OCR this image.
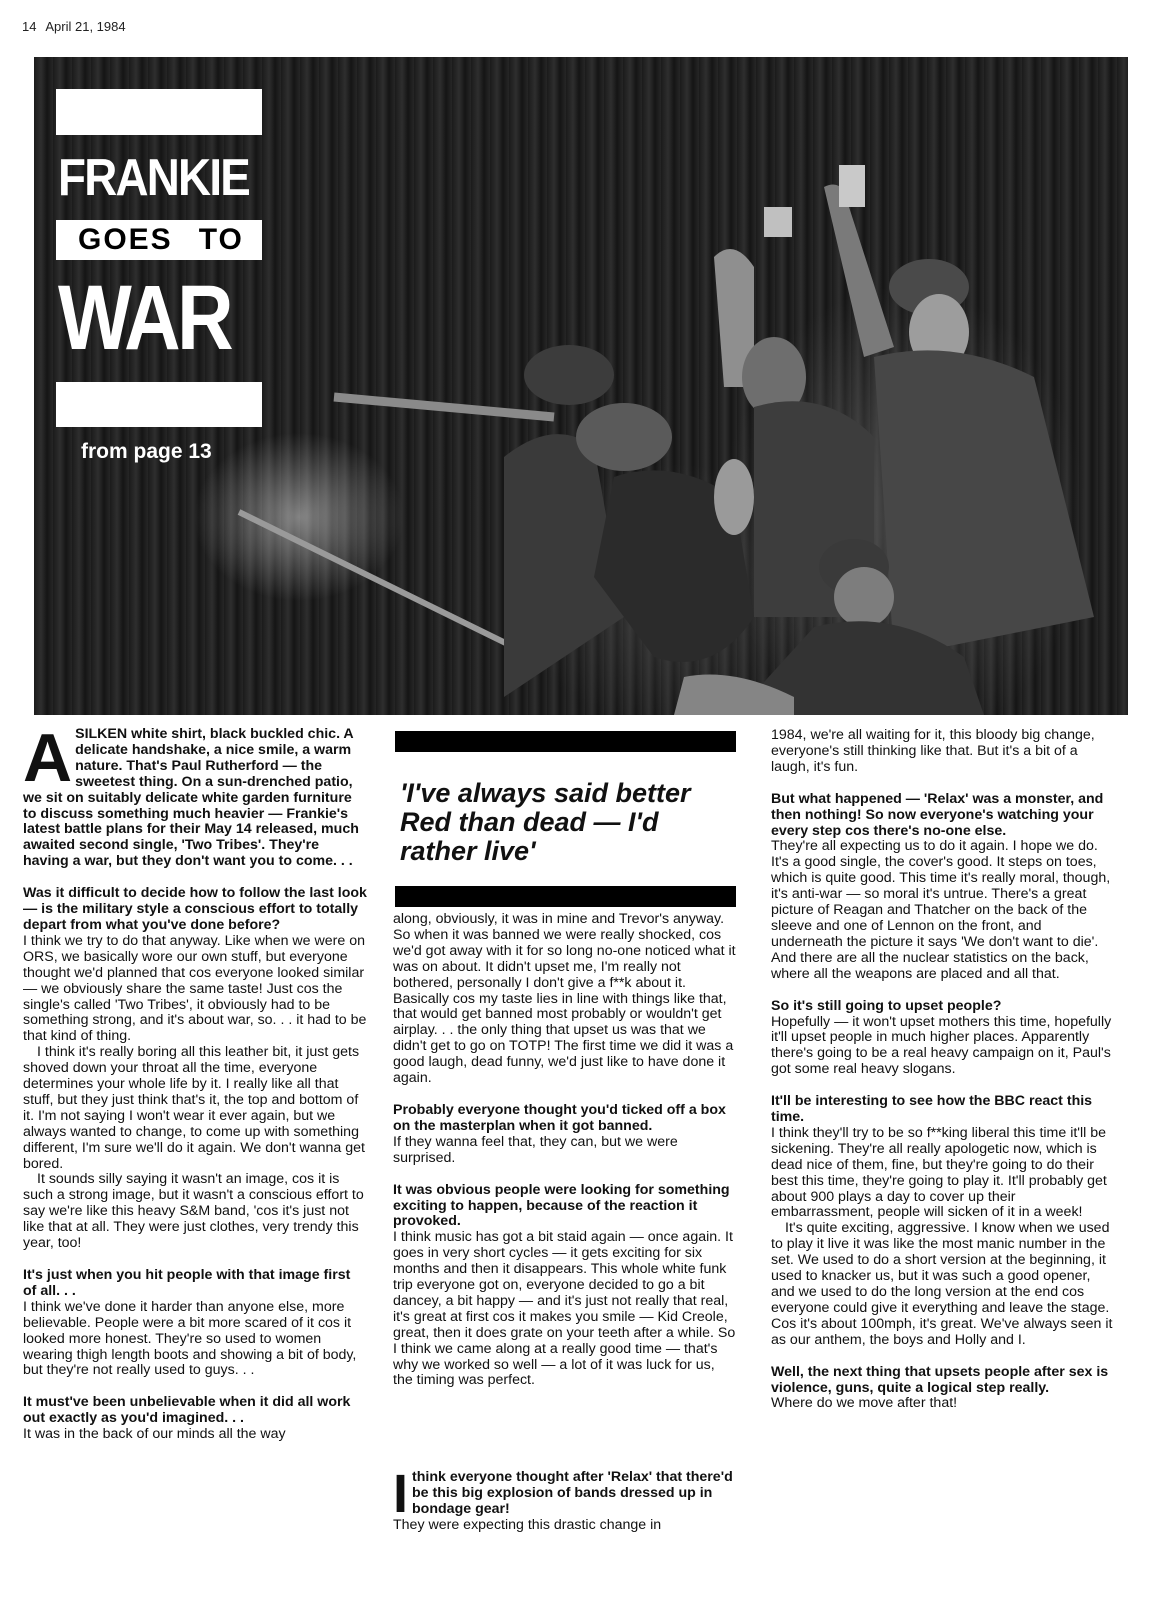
14 April 21, 1984
FRANKIE
GOES TO
WAR
from page 13

ASILKEN white shirt, black buckled chic. A delicate handshake, a nice smile, a warm nature. That's Paul Rutherford — the sweetest thing. On a sun-drenched patio, we sit on suitably delicate white garden furniture to discuss something much heavier — Frankie's latest battle plans for their May 14 released, much awaited second single, 'Two Tribes'. They're having a war, but they don't want you to come. . .

Was it difficult to decide how to follow the last look — is the military style a conscious effort to totally depart from what you've done before?

I think we try to do that anyway. Like when we were on ORS, we basically wore our own stuff, but everyone thought we'd planned that cos everyone looked similar — we obviously share the same taste! Just cos the single's called 'Two Tribes', it obviously had to be something strong, and it's about war, so. . . it had to be that kind of thing.

I think it's really boring all this leather bit, it just gets shoved down your throat all the time, everyone determines your whole life by it. I really like all that stuff, but they just think that's it, the top and bottom of it. I'm not saying I won't wear it ever again, but we always wanted to change, to come up with something different, I'm sure we'll do it again. We don't wanna get bored.

It sounds silly saying it wasn't an image, cos it is such a strong image, but it wasn't a conscious effort to say we're like this heavy S&M band, 'cos it's just not like that at all. They were just clothes, very trendy this year, too!

It's just when you hit people with that image first of all. . .

I think we've done it harder than anyone else, more believable. People were a bit more scared of it cos it looked more honest. They're so used to women wearing thigh length boots and showing a bit of body, but they're not really used to guys. . .

It must've been unbelievable when it did all work out exactly as you'd imagined. . .

It was in the back of our minds all the way

'I've always said better Red than dead — I'd rather live'

along, obviously, it was in mine and Trevor's anyway. So when it was banned we were really shocked, cos we'd got away with it for so long no-one noticed what it was on about. It didn't upset me, I'm really not bothered, personally I don't give a f**k about it. Basically cos my taste lies in line with things like that, that would get banned most probably or wouldn't get airplay. . . the only thing that upset us was that we didn't get to go on TOTP! The first time we did it was a good laugh, dead funny, we'd just like to have done it again.

Probably everyone thought you'd ticked off a box on the masterplan when it got banned.

If they wanna feel that, they can, but we were surprised.

It was obvious people were looking for something exciting to happen, because of the reaction it provoked.

I think music has got a bit staid again — once again. It goes in very short cycles — it gets exciting for six months and then it disappears. This whole white funk trip everyone got on, everyone decided to go a bit dancey, a bit happy — and it's just not really that real, it's great at first cos it makes you smile — Kid Creole, great, then it does grate on your teeth after a while. So I think we came along at a really good time — that's why we worked so well — a lot of it was luck for us, the timing was perfect.

Ithink everyone thought after 'Relax' that there'd be this big explosion of bands dressed up in bondage gear!

They were expecting this drastic change in

1984, we're all waiting for it, this bloody big change, everyone's still thinking like that. But it's a bit of a laugh, it's fun.

But what happened — 'Relax' was a monster, and then nothing! So now everyone's watching your every step cos there's no-one else.

They're all expecting us to do it again. I hope we do. It's a good single, the cover's good. It steps on toes, which is quite good. This time it's really moral, though, it's anti-war — so moral it's untrue. There's a great picture of Reagan and Thatcher on the back of the sleeve and one of Lennon on the front, and underneath the picture it says 'We don't want to die'. And there are all the nuclear statistics on the back, where all the weapons are placed and all that.

So it's still going to upset people?

Hopefully — it won't upset mothers this time, hopefully it'll upset people in much higher places. Apparently there's going to be a real heavy campaign on it, Paul's got some real heavy slogans.

It'll be interesting to see how the BBC react this time.

I think they'll try to be so f**king liberal this time it'll be sickening. They're all really apologetic now, which is dead nice of them, fine, but they're going to do their best this time, they're going to play it. It'll probably get about 900 plays a day to cover up their embarrassment, people will sicken of it in a week!

It's quite exciting, aggressive. I know when we used to play it live it was like the most manic number in the set. We used to do a short version at the beginning, it used to knacker us, but it was such a good opener, and we used to do the long version at the end cos everyone could give it everything and leave the stage. Cos it's about 100mph, it's great. We've always seen it as our anthem, the boys and Holly and I.

Well, the next thing that upsets people after sex is violence, guns, quite a logical step really.

Where do we move after that!
